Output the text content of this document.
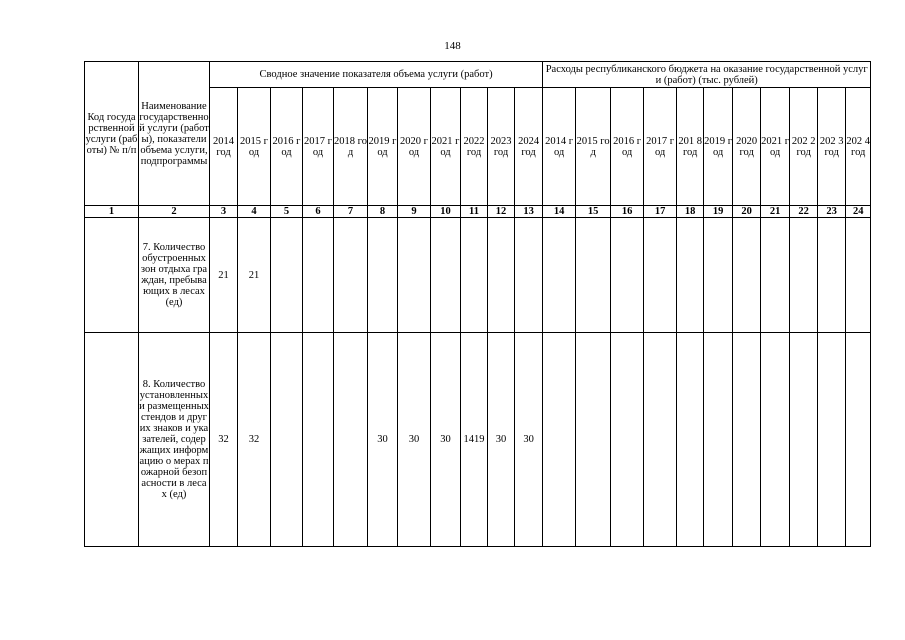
148
Код государственной услуги (работы) № п/п	Наименование государственной услуги (работы), показатели объема услуги, подпрограммы	Сводное значение показателя объема услуги (работ)											Расходы республиканского бюджета на оказание государственной услуги (работ) (тыс. рублей)										
		2014 год	2015 год	2016 год	2017 год	2018 год	2019 год	2020 год	2021 год	2022 год	2023 год	2024 год	2014 год	2015 год	2016 год	2017 год	201 8 год	2019 год	2020 год	2021 год	202 2 год	202 3 год	202 4 год
1	2	3	4	5	6	7	8	9	10	11	12	13	14	15	16	17	18	19	20	21	22	23	24
	7. Количество обустроенных зон отдыха граждан, пребывающих в лесах (ед)	21	21																				
	8. Количество установленных и размещенных стендов и других знаков и указателей, содержащих информацию о мерах пожарной безопасности в лесах (ед)	32	32				30	30	30	1419	30	30											
